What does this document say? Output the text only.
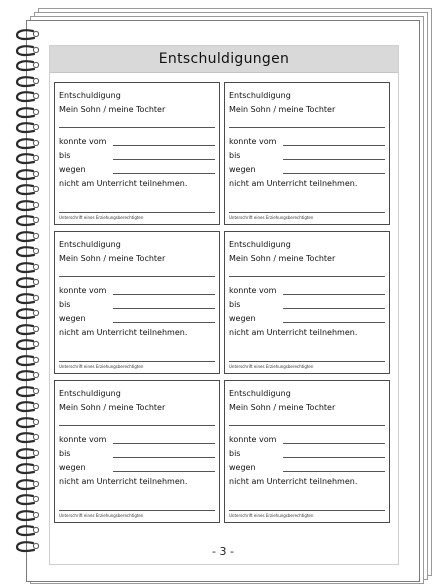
Entschuldigungen
Entschuldigung
Mein Sohn / meine Tochter
konnte vom
bis
wegen
nicht am Unterricht teilnehmen.
Unterschrift eines Erziehungsberechtigten
Entschuldigung
Mein Sohn / meine Tochter
konnte vom
bis
wegen
nicht am Unterricht teilnehmen.
Unterschrift eines Erziehungsberechtigten
Entschuldigung
Mein Sohn / meine Tochter
konnte vom
bis
wegen
nicht am Unterricht teilnehmen.
Unterschrift eines Erziehungsberechtigten
Entschuldigung
Mein Sohn / meine Tochter
konnte vom
bis
wegen
nicht am Unterricht teilnehmen.
Unterschrift eines Erziehungsberechtigten
Entschuldigung
Mein Sohn / meine Tochter
konnte vom
bis
wegen
nicht am Unterricht teilnehmen.
Unterschrift eines Erziehungsberechtigten
Entschuldigung
Mein Sohn / meine Tochter
konnte vom
bis
wegen
nicht am Unterricht teilnehmen.
Unterschrift eines Erziehungsberechtigten
- 3 -
